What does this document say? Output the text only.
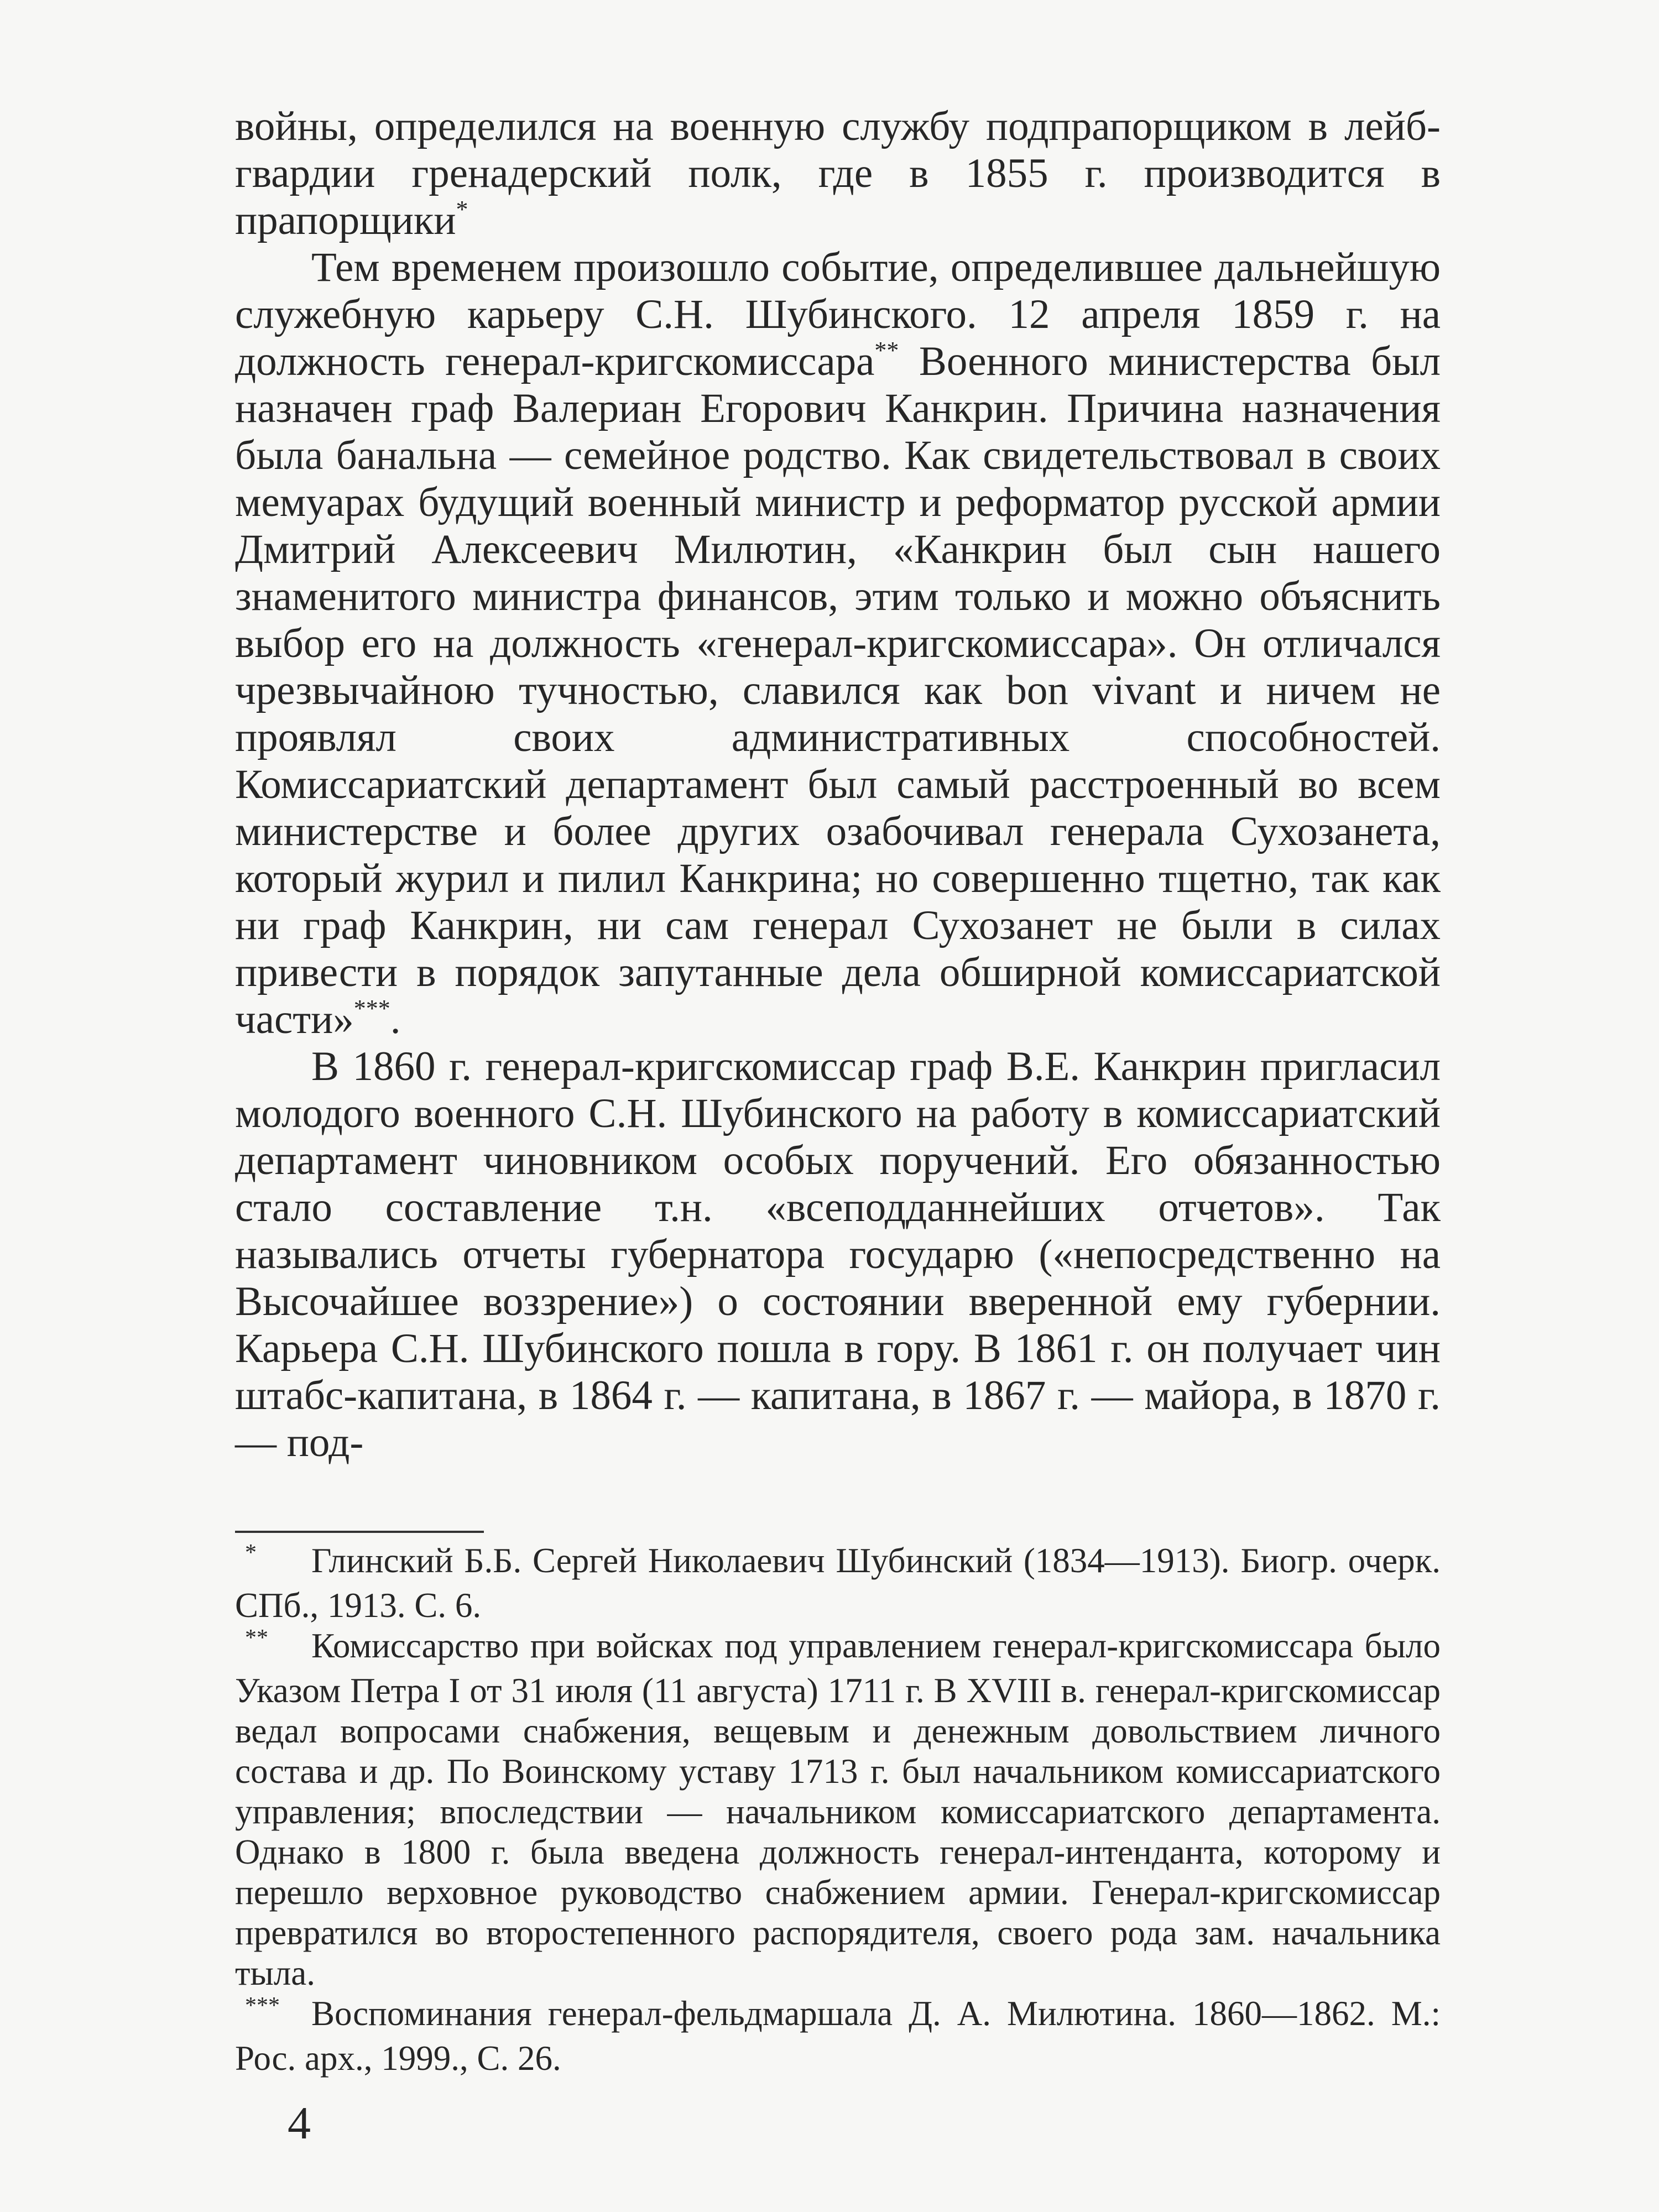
войны, определился на военную службу подпрапорщиком в лейб-гвардии гренадерский полк, где в 1855 г. производится в прапорщики*

Тем временем произошло событие, определившее дальнейшую служебную карьеру С.Н. Шубинского. 12 апреля 1859 г. на должность генерал-кригскомиссара** Военного министерства был назначен граф Валериан Егорович Канкрин. Причина назначения была банальна — семейное родство. Как свидетельствовал в своих мемуарах будущий военный министр и реформатор русской армии Дмитрий Алексеевич Милютин, «Канкрин был сын нашего знаменитого министра финансов, этим только и можно объяснить выбор его на должность «генерал-кригскомиссара». Он отличался чрезвычайною тучностью, славился как bon vivant и ничем не проявлял своих административных способностей. Комиссариатский департамент был самый расстроенный во всем министерстве и более других озабочивал генерала Сухозанета, который журил и пилил Канкрина; но совершенно тщетно, так как ни граф Канкрин, ни сам генерал Сухозанет не были в силах привести в порядок запутанные дела обширной комиссариатской части»***.

В 1860 г. генерал-кригскомиссар граф В.Е. Канкрин пригласил молодого военного С.Н. Шубинского на работу в комиссариатский департамент чиновником особых поручений. Его обязанностью стало составление т.н. «всеподданнейших отчетов». Так назывались отчеты губернатора государю («непосредственно на Высочайшее воззрение») о состоянии вверенной ему губернии. Карьера С.Н. Шубинского пошла в гору. В 1861 г. он получает чин штабс-капитана, в 1864 г. — капитана, в 1867 г. — майора, в 1870 г. — под-

* Глинский Б.Б. Сергей Николаевич Шубинский (1834—1913). Биогр. очерк. СПб., 1913. С. 6.

** Комиссарство при войсках под управлением генерал-кригскомиссара было Указом Петра I от 31 июля (11 августа) 1711 г. В XVIII в. генерал-кригскомиссар ведал вопросами снабжения, вещевым и денежным довольствием личного состава и др. По Воинскому уставу 1713 г. был начальником комиссариатского управления; впоследствии — начальником комиссариатского департамента. Однако в 1800 г. была введена должность генерал-интенданта, которому и перешло верховное руководство снабжением армии. Генерал-кригскомиссар превратился во второстепенного распорядителя, своего рода зам. начальника тыла.

*** Воспоминания генерал-фельдмаршала Д. А. Милютина. 1860—1862. М.: Рос. арх., 1999., С. 26.

4
